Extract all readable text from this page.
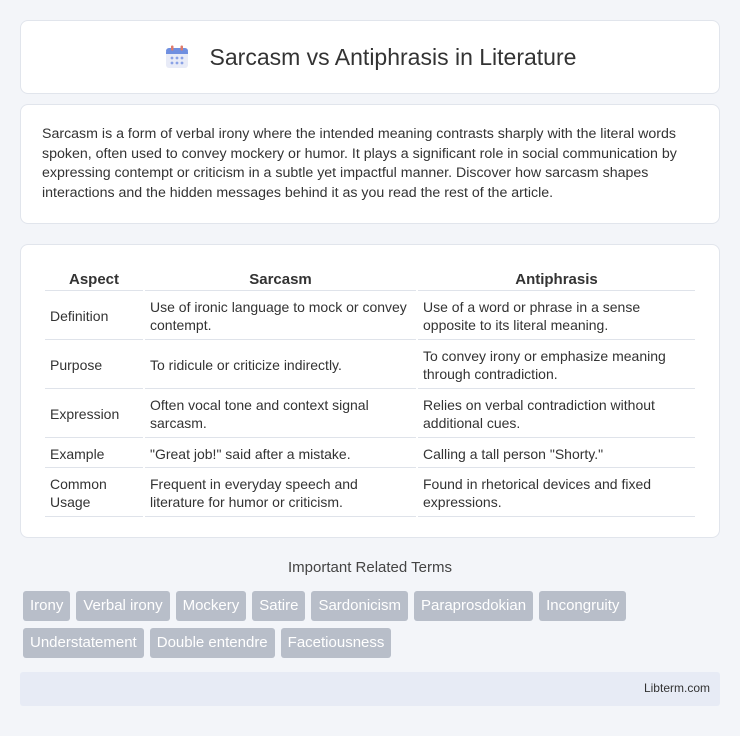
Sarcasm vs Antiphrasis in Literature

Sarcasm is a form of verbal irony where the intended meaning contrasts sharply with the literal words spoken, often used to convey mockery or humor. It plays a significant role in social communication by expressing contempt or criticism in a subtle yet impactful manner. Discover how sarcasm shapes interactions and the hidden messages behind it as you read the rest of the article.

Aspect	Sarcasm	Antiphrasis
Definition	Use of ironic language to mock or convey contempt.	Use of a word or phrase in a sense opposite to its literal meaning.
Purpose	To ridicule or criticize indirectly.	To convey irony or emphasize meaning through contradiction.
Expression	Often vocal tone and context signal sarcasm.	Relies on verbal contradiction without additional cues.
Example	"Great job!" said after a mistake.	Calling a tall person "Shorty."
Common Usage	Frequent in everyday speech and literature for humor or criticism.	Found in rhetorical devices and fixed expressions.
Important Related Terms
Irony	Verbal irony	Mockery	Satire	Sardonicism	Paraprosdokian	Incongruity
Understatement	Double entendre	Facetiousness
Libterm.com
